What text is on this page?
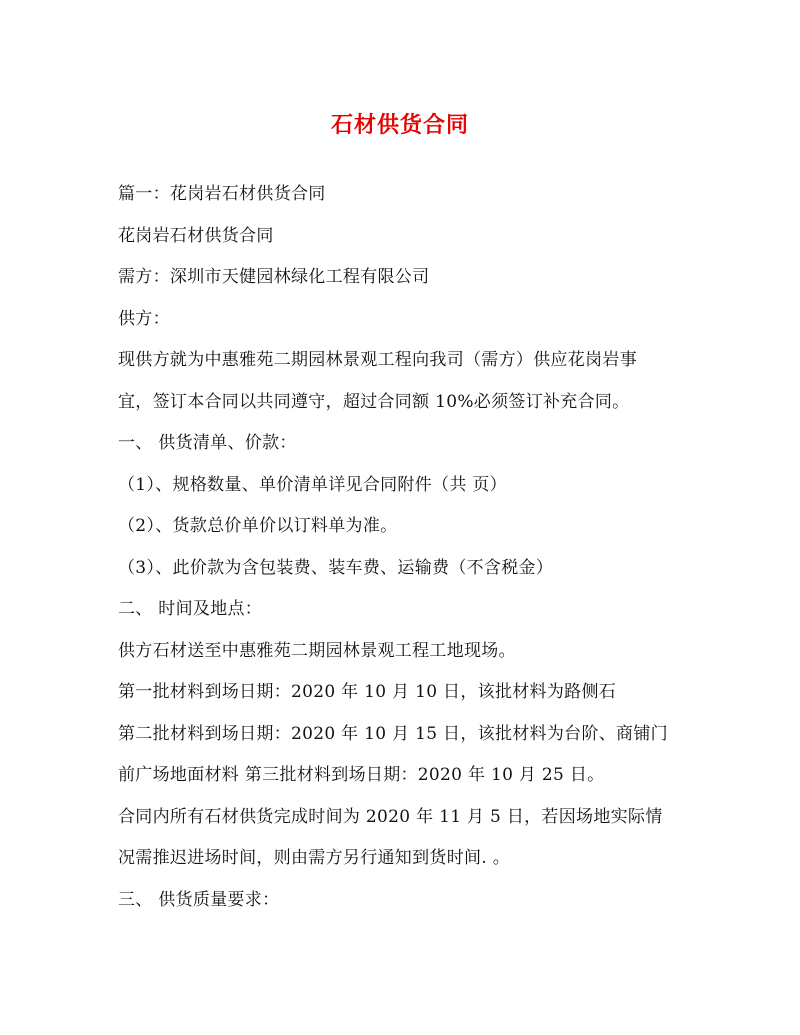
石材供货合同
篇一：花岗岩石材供货合同
花岗岩石材供货合同
需方：深圳市天健园林绿化工程有限公司
供方：
现供方就为中惠雅苑二期园林景观工程向我司（需方）供应花岗岩事
宜，签订本合同以共同遵守，超过合同额 10%必须签订补充合同。
一、 供货清单、价款：
（1）、规格数量、单价清单详见合同附件（共 页）
（2）、货款总价单价以订料单为准。
（3）、此价款为含包装费、装车费、运输费（不含税金）
二、 时间及地点：
供方石材送至中惠雅苑二期园林景观工程工地现场。
第一批材料到场日期：2020 年 10 月 10 日，该批材料为路侧石
第二批材料到场日期：2020 年 10 月 15 日，该批材料为台阶、商铺门
前广场地面材料 第三批材料到场日期：2020 年 10 月 25 日。
合同内所有石材供货完成时间为 2020 年 11 月 5 日，若因场地实际情
况需推迟进场时间，则由需方另行通知到货时间. 。
三、 供货质量要求：
